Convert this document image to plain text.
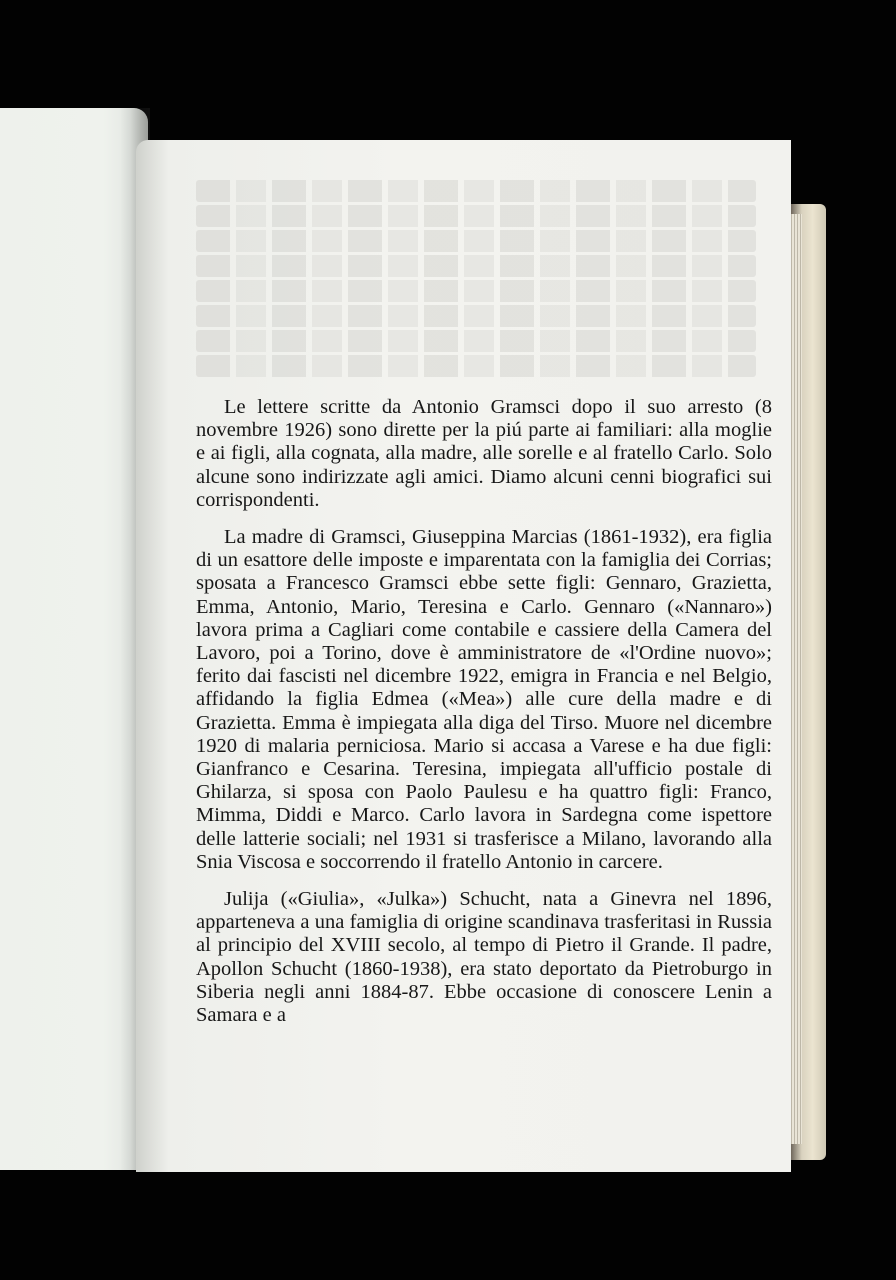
Le lettere scritte da Antonio Gramsci dopo il suo arresto (8 novembre 1926) sono dirette per la piú parte ai familiari: alla moglie e ai figli, alla cognata, alla madre, alle sorelle e al fratello Carlo. Solo alcune sono indirizzate agli amici. Diamo alcuni cenni biografici sui corrispondenti.

La madre di Gramsci, Giuseppina Marcias (1861-1932), era figlia di un esattore delle imposte e imparentata con la famiglia dei Corrias; sposata a Francesco Gramsci ebbe sette figli: Gennaro, Grazietta, Emma, Antonio, Mario, Teresina e Carlo. Gennaro («Nannaro») lavora prima a Cagliari come contabile e cassiere della Camera del Lavoro, poi a Torino, dove è amministratore de «l'Ordine nuovo»; ferito dai fascisti nel dicembre 1922, emigra in Francia e nel Belgio, affidando la figlia Edmea («Mea») alle cure della madre e di Grazietta. Emma è impiegata alla diga del Tirso. Muore nel dicembre 1920 di malaria perniciosa. Mario si accasa a Varese e ha due figli: Gianfranco e Cesarina. Teresina, impiegata all'ufficio postale di Ghilarza, si sposa con Paolo Paulesu e ha quattro figli: Franco, Mimma, Diddi e Marco. Carlo lavora in Sardegna come ispettore delle latterie sociali; nel 1931 si trasferisce a Milano, lavorando alla Snia Viscosa e soccorrendo il fratello Antonio in carcere.

Julija («Giulia», «Julka») Schucht, nata a Ginevra nel 1896, apparteneva a una famiglia di origine scandinava trasferitasi in Russia al principio del XVIII secolo, al tempo di Pietro il Grande. Il padre, Apollon Schucht (1860-1938), era stato deportato da Pietroburgo in Siberia negli anni 1884-87. Ebbe occasione di conoscere Lenin a Samara e a
